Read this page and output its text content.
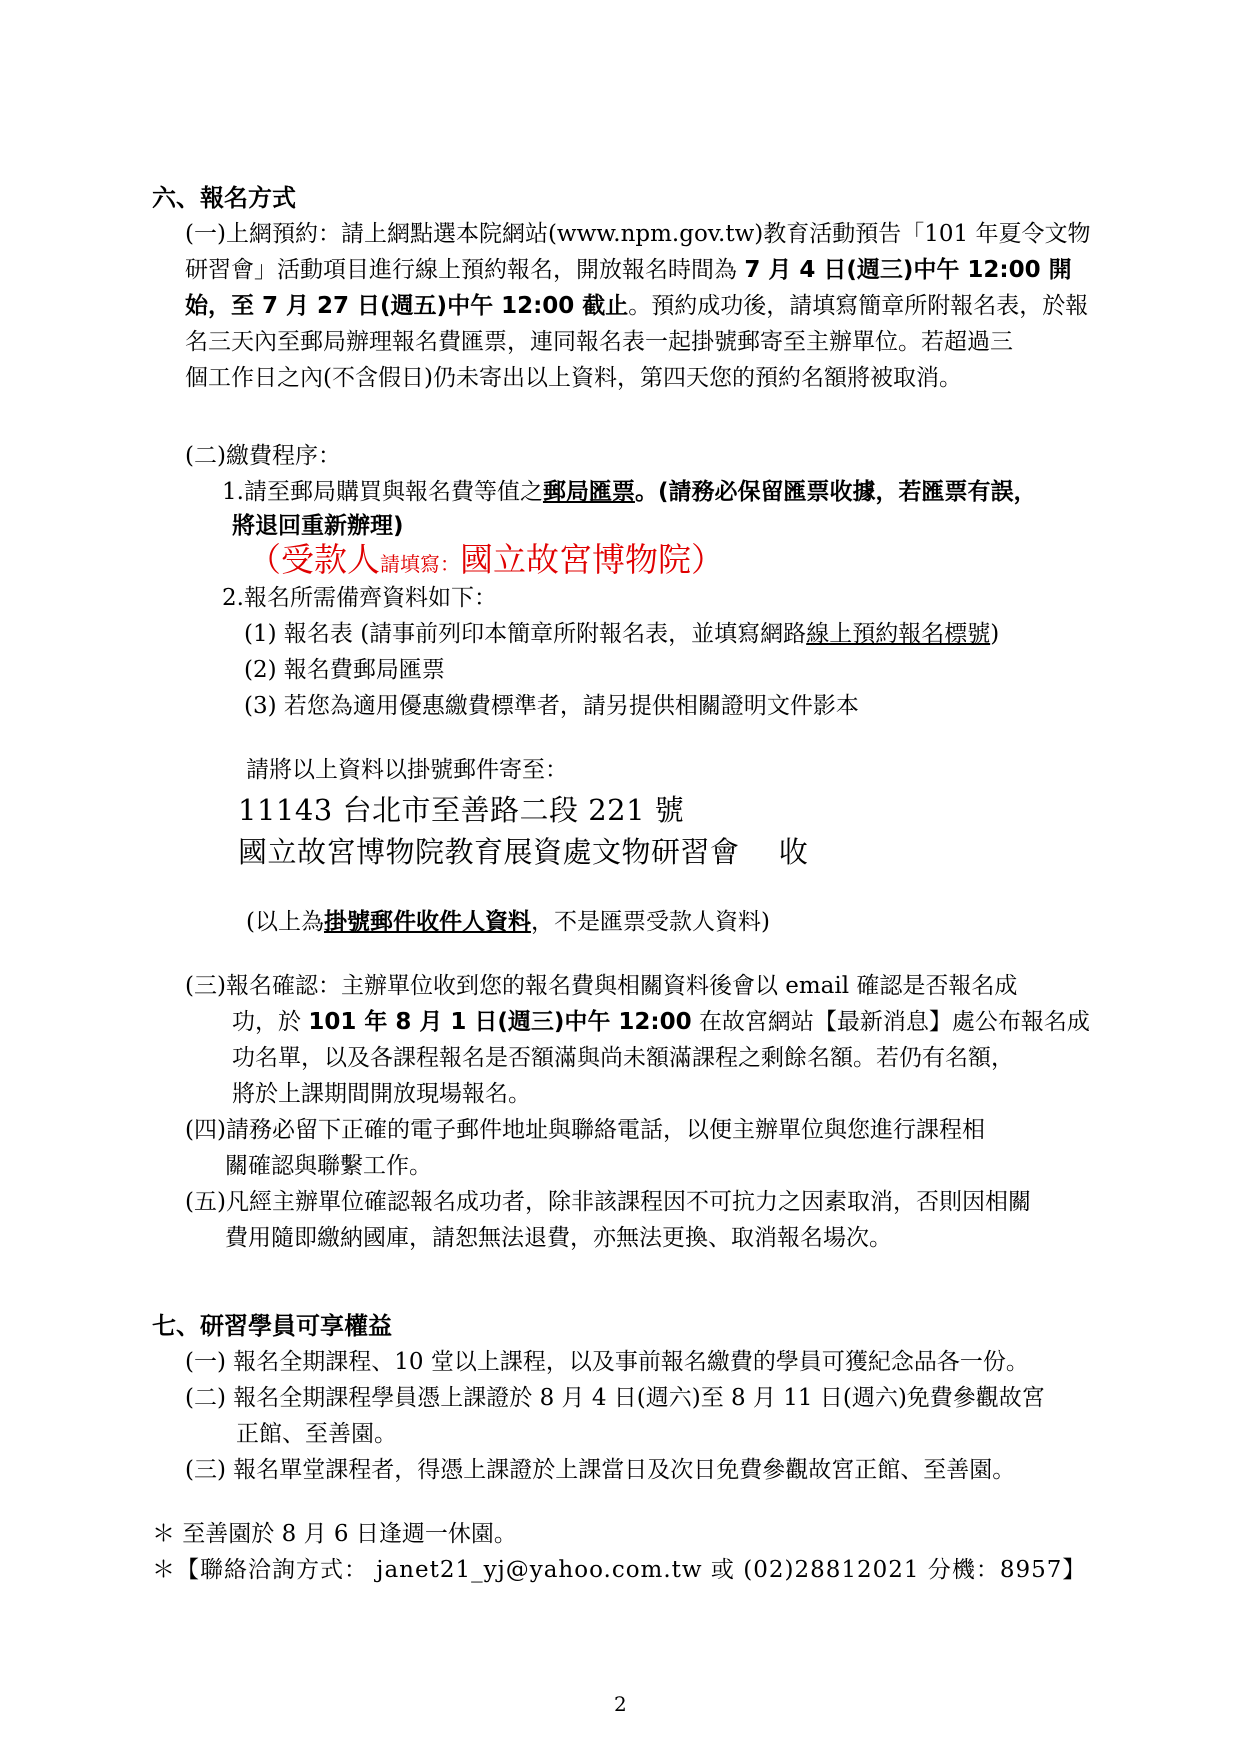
六、報名方式
(一)上網預約：請上網點選本院網站(www.npm.gov.tw)教育活動預告「101 年夏令文物
研習會」活動項目進行線上預約報名，開放報名時間為 7 月 4 日(週三)中午 12:00 開
始，至 7 月 27 日(週五)中午 12:00 截止。預約成功後，請填寫簡章所附報名表，於報
名三天內至郵局辦理報名費匯票，連同報名表一起掛號郵寄至主辦單位。若超過三
個工作日之內(不含假日)仍未寄出以上資料，第四天您的預約名額將被取消。
(二)繳費程序：
1.請至郵局購買與報名費等值之郵局匯票。(請務必保留匯票收據，若匯票有誤，
將退回重新辦理)
（受款人請填寫：國立故宮博物院）
2.報名所需備齊資料如下：
(1) 報名表 (請事前列印本簡章所附報名表，並填寫網路線上預約報名標號)
(2) 報名費郵局匯票
(3) 若您為適用優惠繳費標準者，請另提供相關證明文件影本
請將以上資料以掛號郵件寄至：
11143 台北市至善路二段 221 號
國立故宮博物院教育展資處文物研習會　 收
(以上為掛號郵件收件人資料，不是匯票受款人資料)
(三)報名確認：主辦單位收到您的報名費與相關資料後會以 email 確認是否報名成
功，於 101 年 8 月 1 日(週三)中午 12:00 在故宮網站【最新消息】處公布報名成
功名單，以及各課程報名是否額滿與尚未額滿課程之剩餘名額。若仍有名額，
將於上課期間開放現場報名。
(四)請務必留下正確的電子郵件地址與聯絡電話，以便主辦單位與您進行課程相
關確認與聯繫工作。
(五)凡經主辦單位確認報名成功者，除非該課程因不可抗力之因素取消，否則因相關
費用隨即繳納國庫，請恕無法退費，亦無法更換、取消報名場次。
七、研習學員可享權益
(一) 報名全期課程、10 堂以上課程，以及事前報名繳費的學員可獲紀念品各一份。
(二) 報名全期課程學員憑上課證於 8 月 4 日(週六)至 8 月 11 日(週六)免費參觀故宮
正館、至善園。
(三) 報名單堂課程者，得憑上課證於上課當日及次日免費參觀故宮正館、至善園。
＊ 至善園於 8 月 6 日逢週一休園。
＊【聯絡洽詢方式： janet21_yj@yahoo.com.tw 或 (02)28812021 分機：8957】
2
